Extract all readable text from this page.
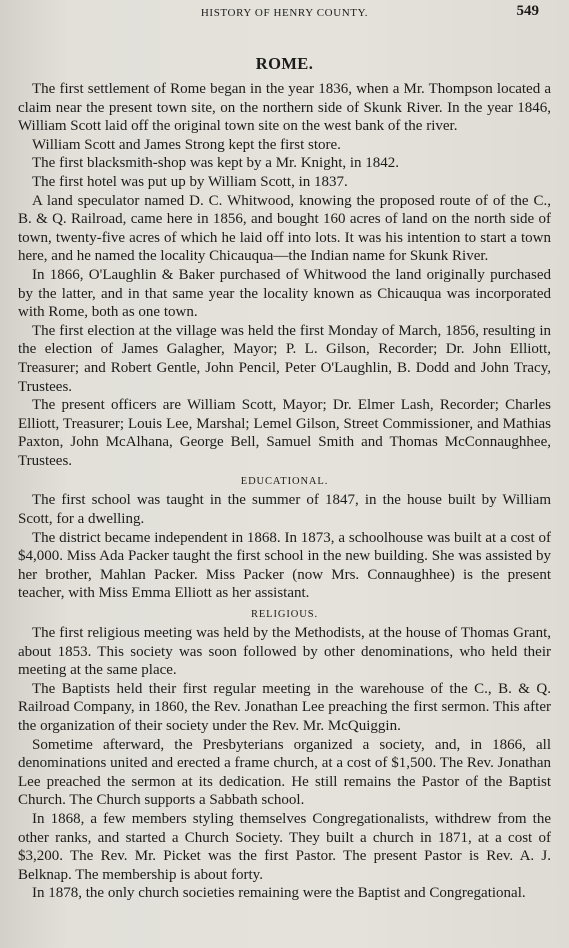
HISTORY OF HENRY COUNTY.	549
ROME.

The first settlement of Rome began in the year 1836, when a Mr. Thompson located a claim near the present town site, on the northern side of Skunk River. In the year 1846, William Scott laid off the original town site on the west bank of the river.

William Scott and James Strong kept the first store.

The first blacksmith-shop was kept by a Mr. Knight, in 1842.

The first hotel was put up by William Scott, in 1837.

A land speculator named D. C. Whitwood, knowing the proposed route of of the C., B. & Q. Railroad, came here in 1856, and bought 160 acres of land on the north side of town, twenty-five acres of which he laid off into lots. It was his intention to start a town here, and he named the locality Chicauqua—the Indian name for Skunk River.

In 1866, O'Laughlin & Baker purchased of Whitwood the land originally purchased by the latter, and in that same year the locality known as Chicauqua was incorporated with Rome, both as one town.

The first election at the village was held the first Monday of March, 1856, resulting in the election of James Galagher, Mayor; P. L. Gilson, Recorder; Dr. John Elliott, Treasurer; and Robert Gentle, John Pencil, Peter O'Laughlin, B. Dodd and John Tracy, Trustees.

The present officers are William Scott, Mayor; Dr. Elmer Lash, Recorder; Charles Elliott, Treasurer; Louis Lee, Marshal; Lemel Gilson, Street Commissioner, and Mathias Paxton, John McAlhana, George Bell, Samuel Smith and Thomas McConnaughhee, Trustees.

EDUCATIONAL.

The first school was taught in the summer of 1847, in the house built by William Scott, for a dwelling.

The district became independent in 1868. In 1873, a schoolhouse was built at a cost of $4,000. Miss Ada Packer taught the first school in the new building. She was assisted by her brother, Mahlan Packer. Miss Packer (now Mrs. Connaughhee) is the present teacher, with Miss Emma Elliott as her assistant.

RELIGIOUS.

The first religious meeting was held by the Methodists, at the house of Thomas Grant, about 1853. This society was soon followed by other denominations, who held their meeting at the same place.

The Baptists held their first regular meeting in the warehouse of the C., B. & Q. Railroad Company, in 1860, the Rev. Jonathan Lee preaching the first sermon. This after the organization of their society under the Rev. Mr. McQuiggin.

Sometime afterward, the Presbyterians organized a society, and, in 1866, all denominations united and erected a frame church, at a cost of $1,500. The Rev. Jonathan Lee preached the sermon at its dedication. He still remains the Pastor of the Baptist Church. The Church supports a Sabbath school.

In 1868, a few members styling themselves Congregationalists, withdrew from the other ranks, and started a Church Society. They built a church in 1871, at a cost of $3,200. The Rev. Mr. Picket was the first Pastor. The present Pastor is Rev. A. J. Belknap. The membership is about forty.

In 1878, the only church societies remaining were the Baptist and Congregational.
